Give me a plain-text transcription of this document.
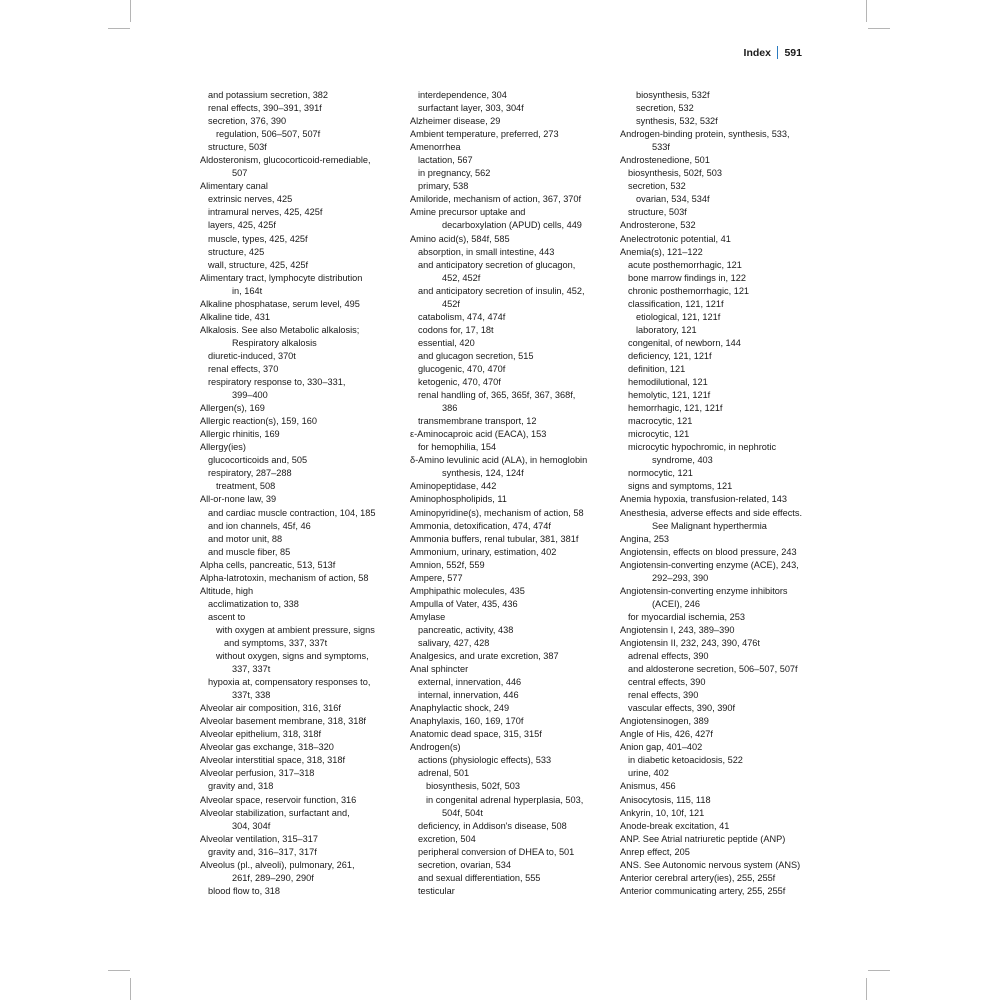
Index 591
and potassium secretion, 382
renal effects, 390–391, 391f
secretion, 376, 390
regulation, 506–507, 507f
structure, 503f
Aldosteronism, glucocorticoid-remediable,
507
Alimentary canal
extrinsic nerves, 425
intramural nerves, 425, 425f
layers, 425, 425f
muscle, types, 425, 425f
structure, 425
wall, structure, 425, 425f
Alimentary tract, lymphocyte distribution
in, 164t
Alkaline phosphatase, serum level, 495
Alkaline tide, 431
Alkalosis. See also Metabolic alkalosis;
Respiratory alkalosis
diuretic-induced, 370t
renal effects, 370
respiratory response to, 330–331,
399–400
Allergen(s), 169
Allergic reaction(s), 159, 160
Allergic rhinitis, 169
Allergy(ies)
glucocorticoids and, 505
respiratory, 287–288
treatment, 508
All-or-none law, 39
and cardiac muscle contraction, 104, 185
and ion channels, 45f, 46
and motor unit, 88
and muscle fiber, 85
Alpha cells, pancreatic, 513, 513f
Alpha-latrotoxin, mechanism of action, 58
Altitude, high
acclimatization to, 338
ascent to
with oxygen at ambient pressure, signs
and symptoms, 337, 337t
without oxygen, signs and symptoms,
337, 337t
hypoxia at, compensatory responses to,
337t, 338
Alveolar air composition, 316, 316f
Alveolar basement membrane, 318, 318f
Alveolar epithelium, 318, 318f
Alveolar gas exchange, 318–320
Alveolar interstitial space, 318, 318f
Alveolar perfusion, 317–318
gravity and, 318
Alveolar space, reservoir function, 316
Alveolar stabilization, surfactant and,
304, 304f
Alveolar ventilation, 315–317
gravity and, 316–317, 317f
Alveolus (pl., alveoli), pulmonary, 261,
261f, 289–290, 290f
blood flow to, 318
interdependence, 304
surfactant layer, 303, 304f
Alzheimer disease, 29
Ambient temperature, preferred, 273
Amenorrhea
lactation, 567
in pregnancy, 562
primary, 538
Amiloride, mechanism of action, 367, 370f
Amine precursor uptake and
decarboxylation (APUD) cells, 449
Amino acid(s), 584f, 585
absorption, in small intestine, 443
and anticipatory secretion of glucagon,
452, 452f
and anticipatory secretion of insulin, 452,
452f
catabolism, 474, 474f
codons for, 17, 18t
essential, 420
and glucagon secretion, 515
glucogenic, 470, 470f
ketogenic, 470, 470f
renal handling of, 365, 365f, 367, 368f,
386
transmembrane transport, 12
ε-Aminocaproic acid (EACA), 153
for hemophilia, 154
δ-Amino levulinic acid (ALA), in hemoglobin
synthesis, 124, 124f
Aminopeptidase, 442
Aminophospholipids, 11
Aminopyridine(s), mechanism of action, 58
Ammonia, detoxification, 474, 474f
Ammonia buffers, renal tubular, 381, 381f
Ammonium, urinary, estimation, 402
Amnion, 552f, 559
Ampere, 577
Amphipathic molecules, 435
Ampulla of Vater, 435, 436
Amylase
pancreatic, activity, 438
salivary, 427, 428
Analgesics, and urate excretion, 387
Anal sphincter
external, innervation, 446
internal, innervation, 446
Anaphylactic shock, 249
Anaphylaxis, 160, 169, 170f
Anatomic dead space, 315, 315f
Androgen(s)
actions (physiologic effects), 533
adrenal, 501
biosynthesis, 502f, 503
in congenital adrenal hyperplasia, 503,
504f, 504t
deficiency, in Addison's disease, 508
excretion, 504
peripheral conversion of DHEA to, 501
secretion, ovarian, 534
and sexual differentiation, 555
testicular
biosynthesis, 532f
secretion, 532
synthesis, 532, 532f
Androgen-binding protein, synthesis, 533,
533f
Androstenedione, 501
biosynthesis, 502f, 503
secretion, 532
ovarian, 534, 534f
structure, 503f
Androsterone, 532
Anelectrotonic potential, 41
Anemia(s), 121–122
acute posthemorrhagic, 121
bone marrow findings in, 122
chronic posthemorrhagic, 121
classification, 121, 121f
etiological, 121, 121f
laboratory, 121
congenital, of newborn, 144
deficiency, 121, 121f
definition, 121
hemodilutional, 121
hemolytic, 121, 121f
hemorrhagic, 121, 121f
macrocytic, 121
microcytic, 121
microcytic hypochromic, in nephrotic
syndrome, 403
normocytic, 121
signs and symptoms, 121
Anemia hypoxia, transfusion-related, 143
Anesthesia, adverse effects and side effects.
See Malignant hyperthermia
Angina, 253
Angiotensin, effects on blood pressure, 243
Angiotensin-converting enzyme (ACE), 243,
292–293, 390
Angiotensin-converting enzyme inhibitors
(ACEI), 246
for myocardial ischemia, 253
Angiotensin I, 243, 389–390
Angiotensin II, 232, 243, 390, 476t
adrenal effects, 390
and aldosterone secretion, 506–507, 507f
central effects, 390
renal effects, 390
vascular effects, 390, 390f
Angiotensinogen, 389
Angle of His, 426, 427f
Anion gap, 401–402
in diabetic ketoacidosis, 522
urine, 402
Anismus, 456
Anisocytosis, 115, 118
Ankyrin, 10, 10f, 121
Anode-break excitation, 41
ANP. See Atrial natriuretic peptide (ANP)
Anrep effect, 205
ANS. See Autonomic nervous system (ANS)
Anterior cerebral artery(ies), 255, 255f
Anterior communicating artery, 255, 255f
